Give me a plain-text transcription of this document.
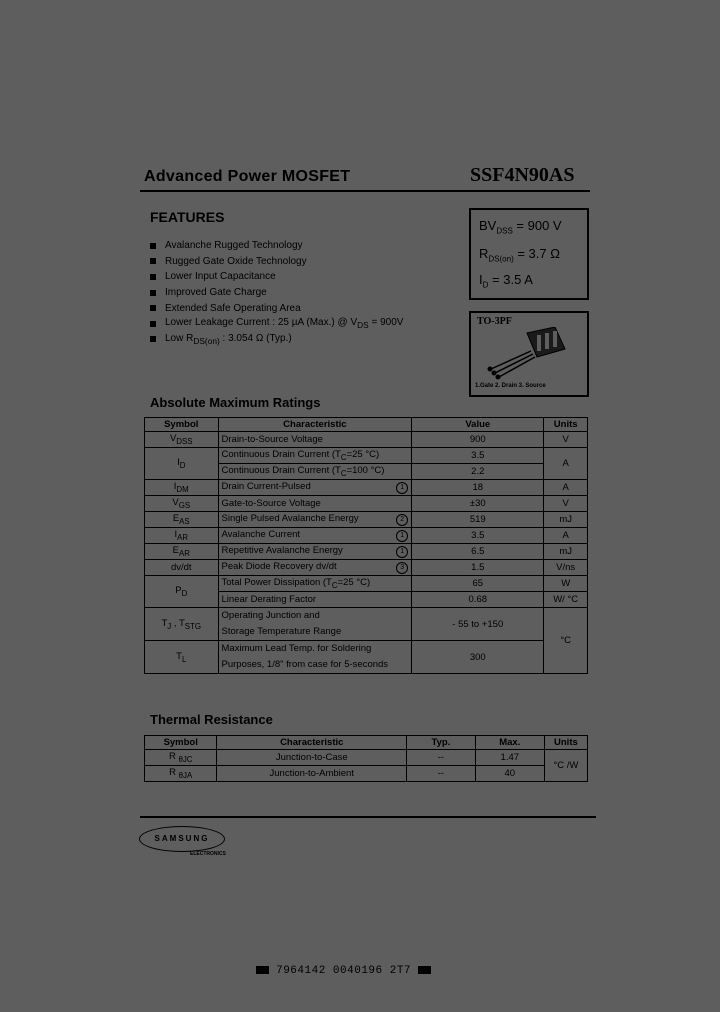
Advanced Power MOSFET	SSF4N90AS
FEATURES
Avalanche Rugged Technology
Rugged Gate Oxide Technology
Lower Input Capacitance
Improved Gate Charge
Extended Safe Operating Area
Lower Leakage Current : 25 µA (Max.) @ $V_{DS} = 900V$
Low $R_{DS(on)}$ : 3.054 Ω (Typ.)
$BV_{DSS} = 900$ V
$R_{DS(on)} = 3.7$ Ω
$I_D = 3.5$ A
TO-3PF
1.Gate 2. Drain 3. Source
Absolute Maximum Ratings
Symbol	Characteristic	Value	Units
$V_{DSS}$	Drain-to-Source Voltage	900	V
$I_D$	Continuous Drain Current ($T_C=25$ °C)	3.5	A
	Continuous Drain Current ($T_C=100$ °C)	2.2	
$I_{DM}$	Drain Current-Pulsed 1	18	A
$V_{GS}$	Gate-to-Source Voltage	±30	V
$E_{AS}$	Single Pulsed Avalanche Energy 2	519	mJ
$I_{AR}$	Avalanche Current 1	3.5	A
$E_{AR}$	Repetitive Avalanche Energy 1	6.5	mJ
dv/dt	Peak Diode Recovery dv/dt 3	1.5	V/ns
$P_D$	Total Power Dissipation ($T_C=25$ °C)	65	W
	Linear Derating Factor	0.68	W/ °C
$T_J$ , $T_{STG}$	Operating Junction and
Storage Temperature Range	- 55 to +150	°C
$T_L$	Maximum Lead Temp. for Soldering
Purposes, 1/8" from case for 5-seconds	300	
Thermal Resistance
Symbol	Characteristic	Typ.	Max.	Units
R $_{\theta JC}$	Junction-to-Case	--	1.47	°C /W
R $_{\theta JA}$	Junction-to-Ambient	--	40	
SAMSUNG
ELECTRONICS
7964142 0040196 2T7
